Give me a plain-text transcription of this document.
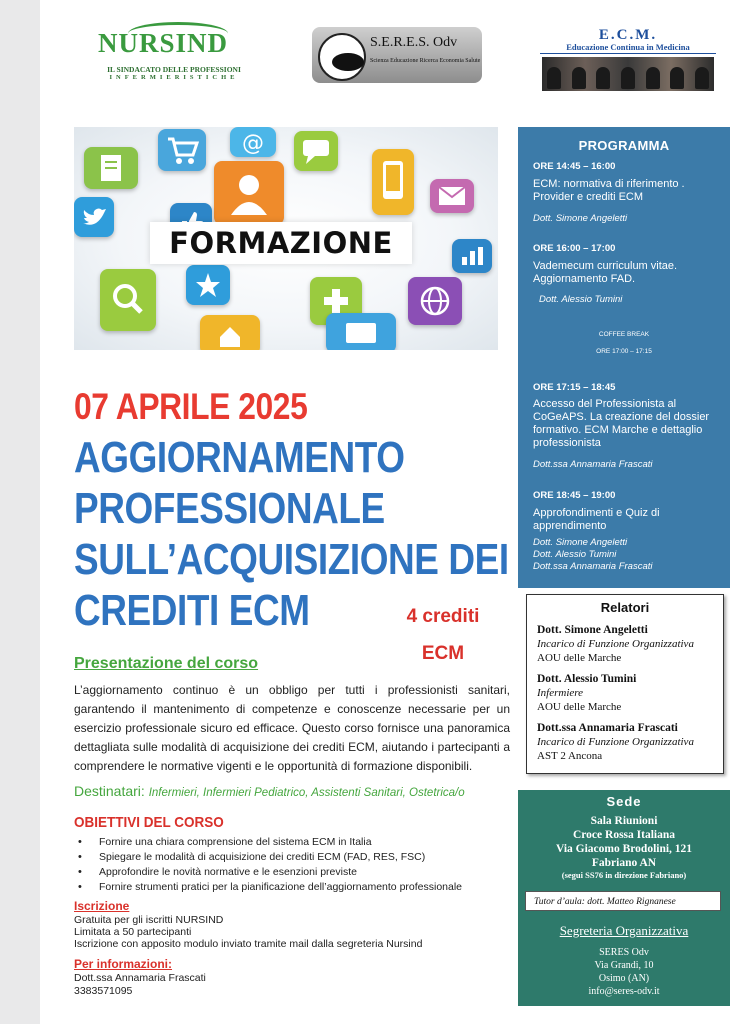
NURSIND
IL SINDACATO DELLE PROFESSIONI
INFERMIERISTICHE
S.E.R.E.S. Odv
Scienza Educazione Ricerca Economia Salute
E.C.M.
Educazione Continua in Medicina
@
FORMAZIONE
07 APRILE 2025
AGGIORNAMENTO
PROFESSIONALE
SULL’ACQUISIZIONE DEI
CREDITI ECM	4 crediti
ECM
Presentazione del corso
L’aggiornamento continuo è un obbligo per tutti i professionisti sanitari, garantendo il mantenimento di competenze e conoscenze necessarie per un esercizio professionale sicuro ed efficace. Questo corso fornisce una panoramica dettagliata sulle modalità di acquisizione dei crediti ECM, aiutando i partecipanti a comprendere le normative vigenti e le opportunità di formazione disponibili.
Destinatari: Infermieri, Infermieri Pediatrico, Assistenti Sanitari, Ostetrica/o
OBIETTIVI DEL CORSO
• Fornire una chiara comprensione del sistema ECM in Italia
• Spiegare le modalità di acquisizione dei crediti ECM (FAD, RES, FSC)
• Approfondire le novità normative e le esenzioni previste
• Fornire strumenti pratici per la pianificazione dell’aggiornamento professionale
Iscrizione
Gratuita per gli iscritti NURSIND
Limitata a 50 partecipanti
Iscrizione con apposito modulo inviato tramite mail dalla segreteria Nursind
Per informazioni:
Dott.ssa Annamaria Frascati
3383571095
PROGRAMMA
ORE 14:45 – 16:00
ECM: normativa di riferimento . Provider e crediti ECM
Dott. Simone Angeletti
ORE 16:00 – 17:00
Vademecum curriculum vitae. Aggiornamento FAD.
Dott. Alessio Tumini
COFFEE BREAK
ORE 17:00 – 17:15
ORE 17:15 – 18:45
Accesso del Professionista al CoGeAPS. La creazione del dossier formativo. ECM Marche e dettaglio professionista
Dott.ssa Annamaria Frascati
ORE 18:45 – 19:00
Approfondimenti e Quiz di apprendimento
Dott. Simone Angeletti
Dott. Alessio Tumini
Dott.ssa Annamaria Frascati
Relatori
Dott. Simone Angeletti
Incarico di Funzione Organizzativa
AOU delle Marche
Dott. Alessio Tumini
Infermiere
AOU delle Marche
Dott.ssa Annamaria Frascati
Incarico di Funzione Organizzativa
AST 2 Ancona
Sede
Sala Riunioni
Croce Rossa Italiana
Via Giacomo Brodolini, 121
Fabriano AN
(segui SS76 in direzione Fabriano)
Tutor d’aula: dott. Matteo Rignanese
Segreteria Organizzativa
SERES Odv
Via Grandi, 10
Osimo (AN)
info@seres-odv.it
